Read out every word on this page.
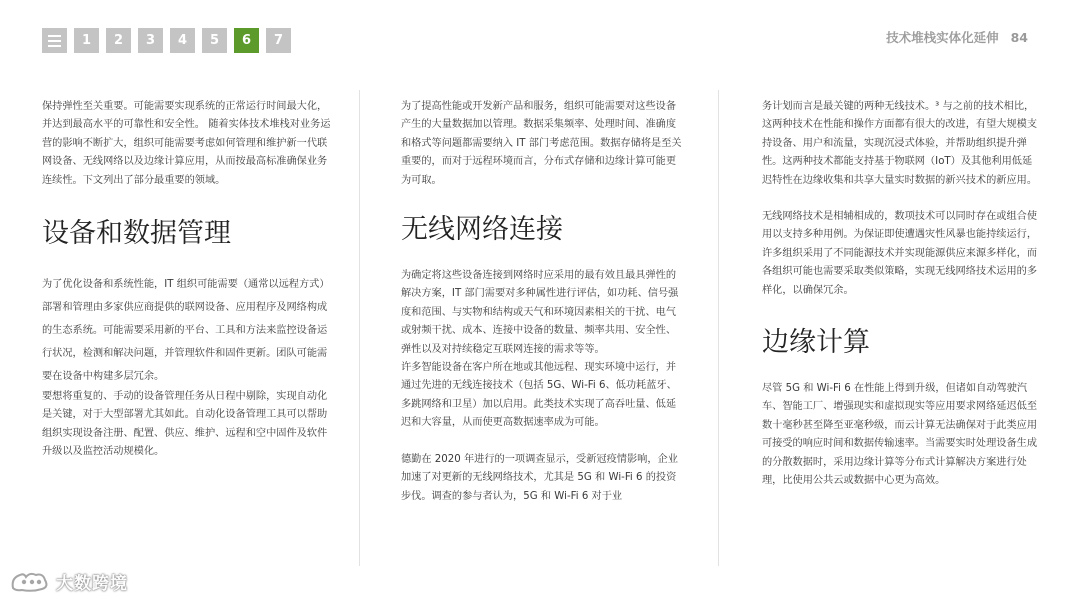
1	2	3	4	5	6	7	技术堆栈实体化延伸 84

保持弹性至关重要。可能需要实现系统的正常运行时间最大化，并达到最高水平的可靠性和安全性。 随着实体技术堆栈对业务运营的影响不断扩大，组织可能需要考虑如何管理和维护新一代联网设备、无线网络以及边缘计算应用，从而按最高标准确保业务连续性。下文列出了部分最重要的领域。

设备和数据管理

为了优化设备和系统性能，IT 组织可能需要（通常以远程方式）部署和管理由多家供应商提供的联网设备、应用程序及网络构成的生态系统。可能需要采用新的平台、工具和方法来监控设备运行状况，检测和解决问题，并管理软件和固件更新。团队可能需要在设备中构建多层冗余。

要想将重复的、手动的设备管理任务从日程中剔除，实现自动化是关键，对于大型部署尤其如此。自动化设备管理工具可以帮助组织实现设备注册、配置、供应、维护、远程和空中固件及软件升级以及监控活动规模化。

为了提高性能或开发新产品和服务，组织可能需要对这些设备产生的大量数据加以管理。数据采集频率、处理时间、准确度和格式等问题都需要纳入 IT 部门考虑范围。数据存储将是至关重要的，而对于远程环境而言，分布式存储和边缘计算可能更为可取。

无线网络连接

为确定将这些设备连接到网络时应采用的最有效且最具弹性的解决方案，IT 部门需要对多种属性进行评估，如功耗、信号强度和范围、与实物和结构或天气和环境因素相关的干扰、电气或射频干扰、成本、连接中设备的数量、频率共用、安全性、弹性以及对持续稳定互联网连接的需求等等。

许多智能设备在客户所在地或其他远程、现实环境中运行，并通过先进的无线连接技术（包括 5G、Wi-Fi 6、低功耗蓝牙、多跳网络和卫星）加以启用。此类技术实现了高吞吐量、低延迟和大容量，从而使更高数据速率成为可能。

德勤在 2020 年进行的一项调查显示，受新冠疫情影响，企业加速了对更新的无线网络技术，尤其是 5G 和 Wi-Fi 6 的投资步伐。调查的参与者认为，5G 和 Wi-Fi 6 对于业

务计划而言是最关键的两种无线技术。³ 与之前的技术相比，这两种技术在性能和操作方面都有很大的改进，有望大规模支持设备、用户和流量，实现沉浸式体验，并帮助组织提升弹性。这两种技术都能支持基于物联网（IoT）及其他利用低延迟特性在边缘收集和共享大量实时数据的新兴技术的新应用。

无线网络技术是相辅相成的，数项技术可以同时存在或组合使用以支持多种用例。为保证即使遭遇灾性风暴也能持续运行，许多组织采用了不同能源技术并实现能源供应来源多样化，而各组织可能也需要采取类似策略，实现无线网络技术运用的多样化，以确保冗余。

边缘计算

尽管 5G 和 Wi-Fi 6 在性能上得到升级，但诸如自动驾驶汽车、智能工厂、增强现实和虚拟现实等应用要求网络延迟低至数十毫秒甚至降至亚毫秒级，而云计算无法确保对于此类应用可接受的响应时间和数据传输速率。当需要实时处理设备生成的分散数据时，采用边缘计算等分布式计算解决方案进行处理，比使用公共云或数据中心更为高效。

大数跨境
